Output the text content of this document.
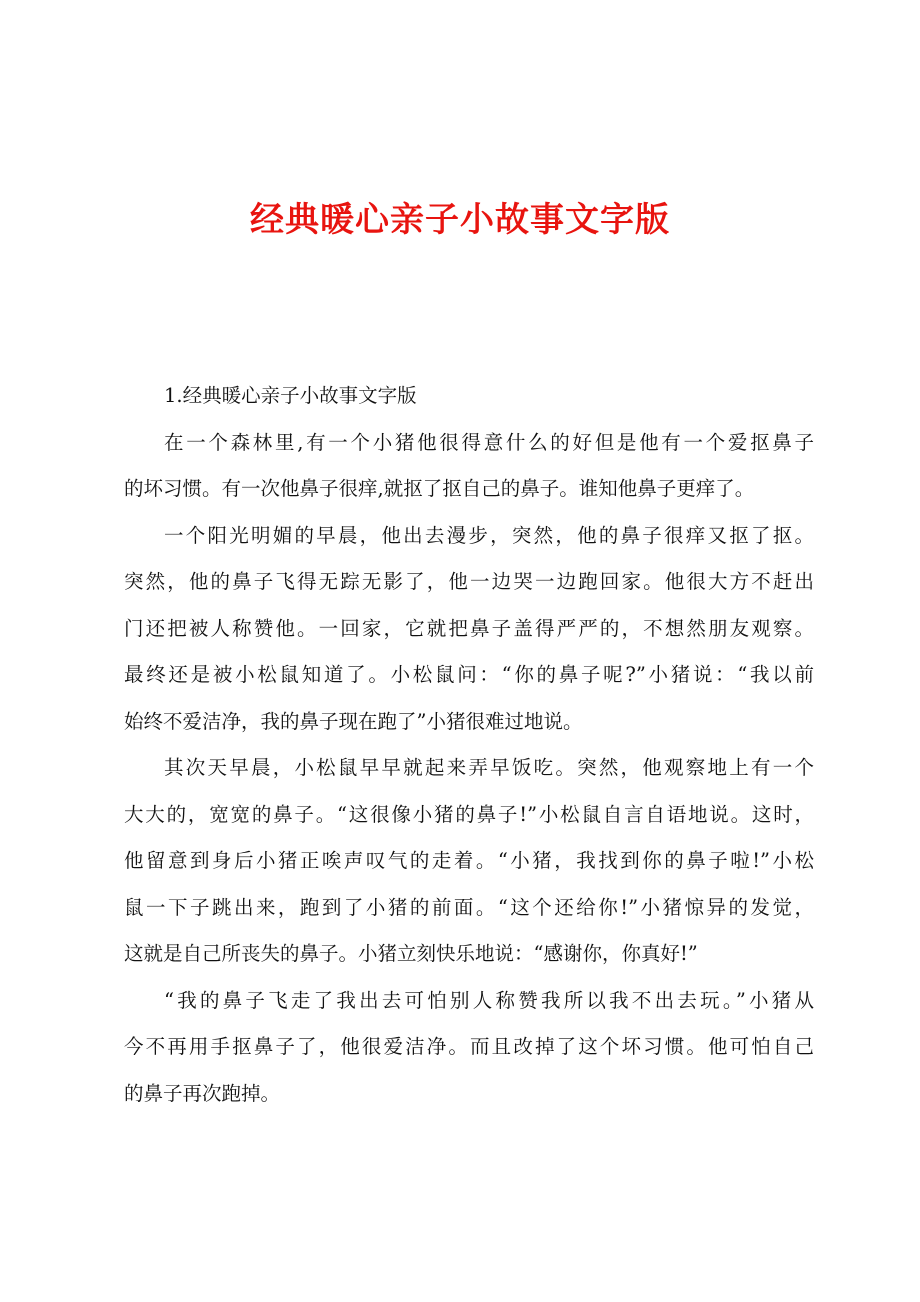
经典暖心亲子小故事文字版
1.经典暖心亲子小故事文字版
在一个森林里,有一个小猪他很得意什么的好但是他有一个爱抠鼻子
的坏习惯。有一次他鼻子很痒,就抠了抠自己的鼻子。谁知他鼻子更痒了。
一个阳光明媚的早晨，他出去漫步，突然，他的鼻子很痒又抠了抠。
突然，他的鼻子飞得无踪无影了，他一边哭一边跑回家。他很大方不赶出
门还把被人称赞他。一回家，它就把鼻子盖得严严的，不想然朋友观察。
最终还是被小松鼠知道了。小松鼠问：“你的鼻子呢?”小猪说：“我以前
始终不爱洁净，我的鼻子现在跑了”小猪很难过地说。
其次天早晨，小松鼠早早就起来弄早饭吃。突然，他观察地上有一个
大大的，宽宽的鼻子。“这很像小猪的鼻子!”小松鼠自言自语地说。这时，
他留意到身后小猪正唉声叹气的走着。“小猪，我找到你的鼻子啦!”小松
鼠一下子跳出来，跑到了小猪的前面。“这个还给你!”小猪惊异的发觉，
这就是自己所丧失的鼻子。小猪立刻快乐地说：“感谢你，你真好!”
“我的鼻子飞走了我出去可怕别人称赞我所以我不出去玩。”小猪从
今不再用手抠鼻子了，他很爱洁净。而且改掉了这个坏习惯。他可怕自己
的鼻子再次跑掉。
